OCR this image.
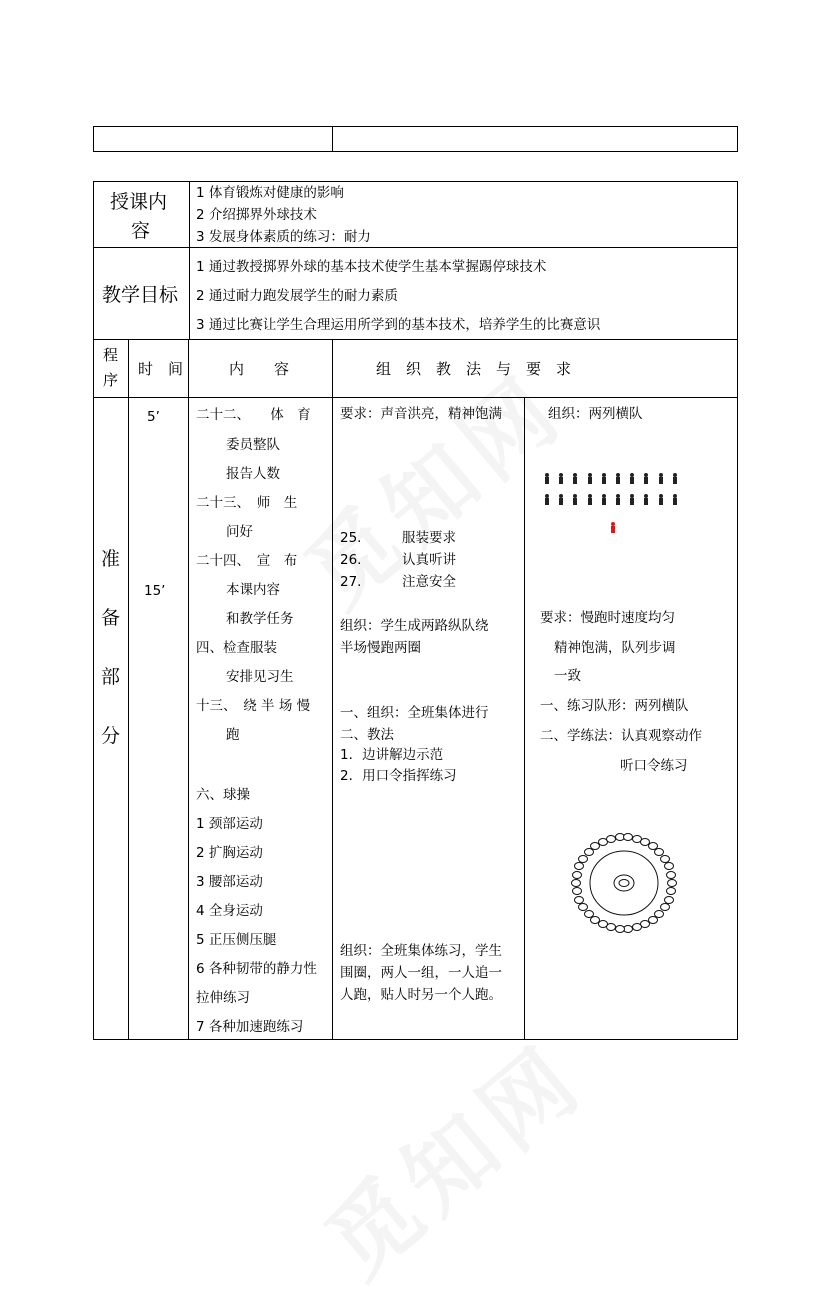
授课内
容
1 体育锻炼对健康的影响
2 介绍掷界外球技术
3 发展身体素质的练习：耐力
教学目标
1 通过教授掷界外球的基本技术使学生基本掌握踢停球技术
2 通过耐力跑发展学生的耐力素质
3 通过比赛让学生合理运用所学到的基本技术，培养学生的比赛意识
程
序
时　间	内　　容	组　织　教　法　与　要　求
准
备
部
分
5’
15’
二十二、　　体　育
委员整队
报告人数
二十三、　师　生
问好
二十四、　宣　布
本课内容
和教学任务
四、检查服装
安排见习生
十三、　绕 半 场 慢
跑
六、球操
1 颈部运动
2 扩胸运动
3 腰部运动
4 全身运动
5 正压侧压腿
6 各种韧带的静力性
拉伸练习
7 各种加速跑练习
要求：声音洪亮，精神饱满
25.　　　服装要求
26.　　　认真听讲
27.　　　注意安全
组织：学生成两路纵队绕
半场慢跑两圈
一、组织：全班集体进行
二、教法
1．边讲解边示范
2．用口令指挥练习
组织：全班集体练习，学生
围圈，两人一组，一人追一
人跑，贴人时另一个人跑。
组织：两列横队
要求：慢跑时速度均匀
精神饱满，队列步调
一致
一、练习队形：两列横队
二、学练法：认真观察动作
听口令练习
